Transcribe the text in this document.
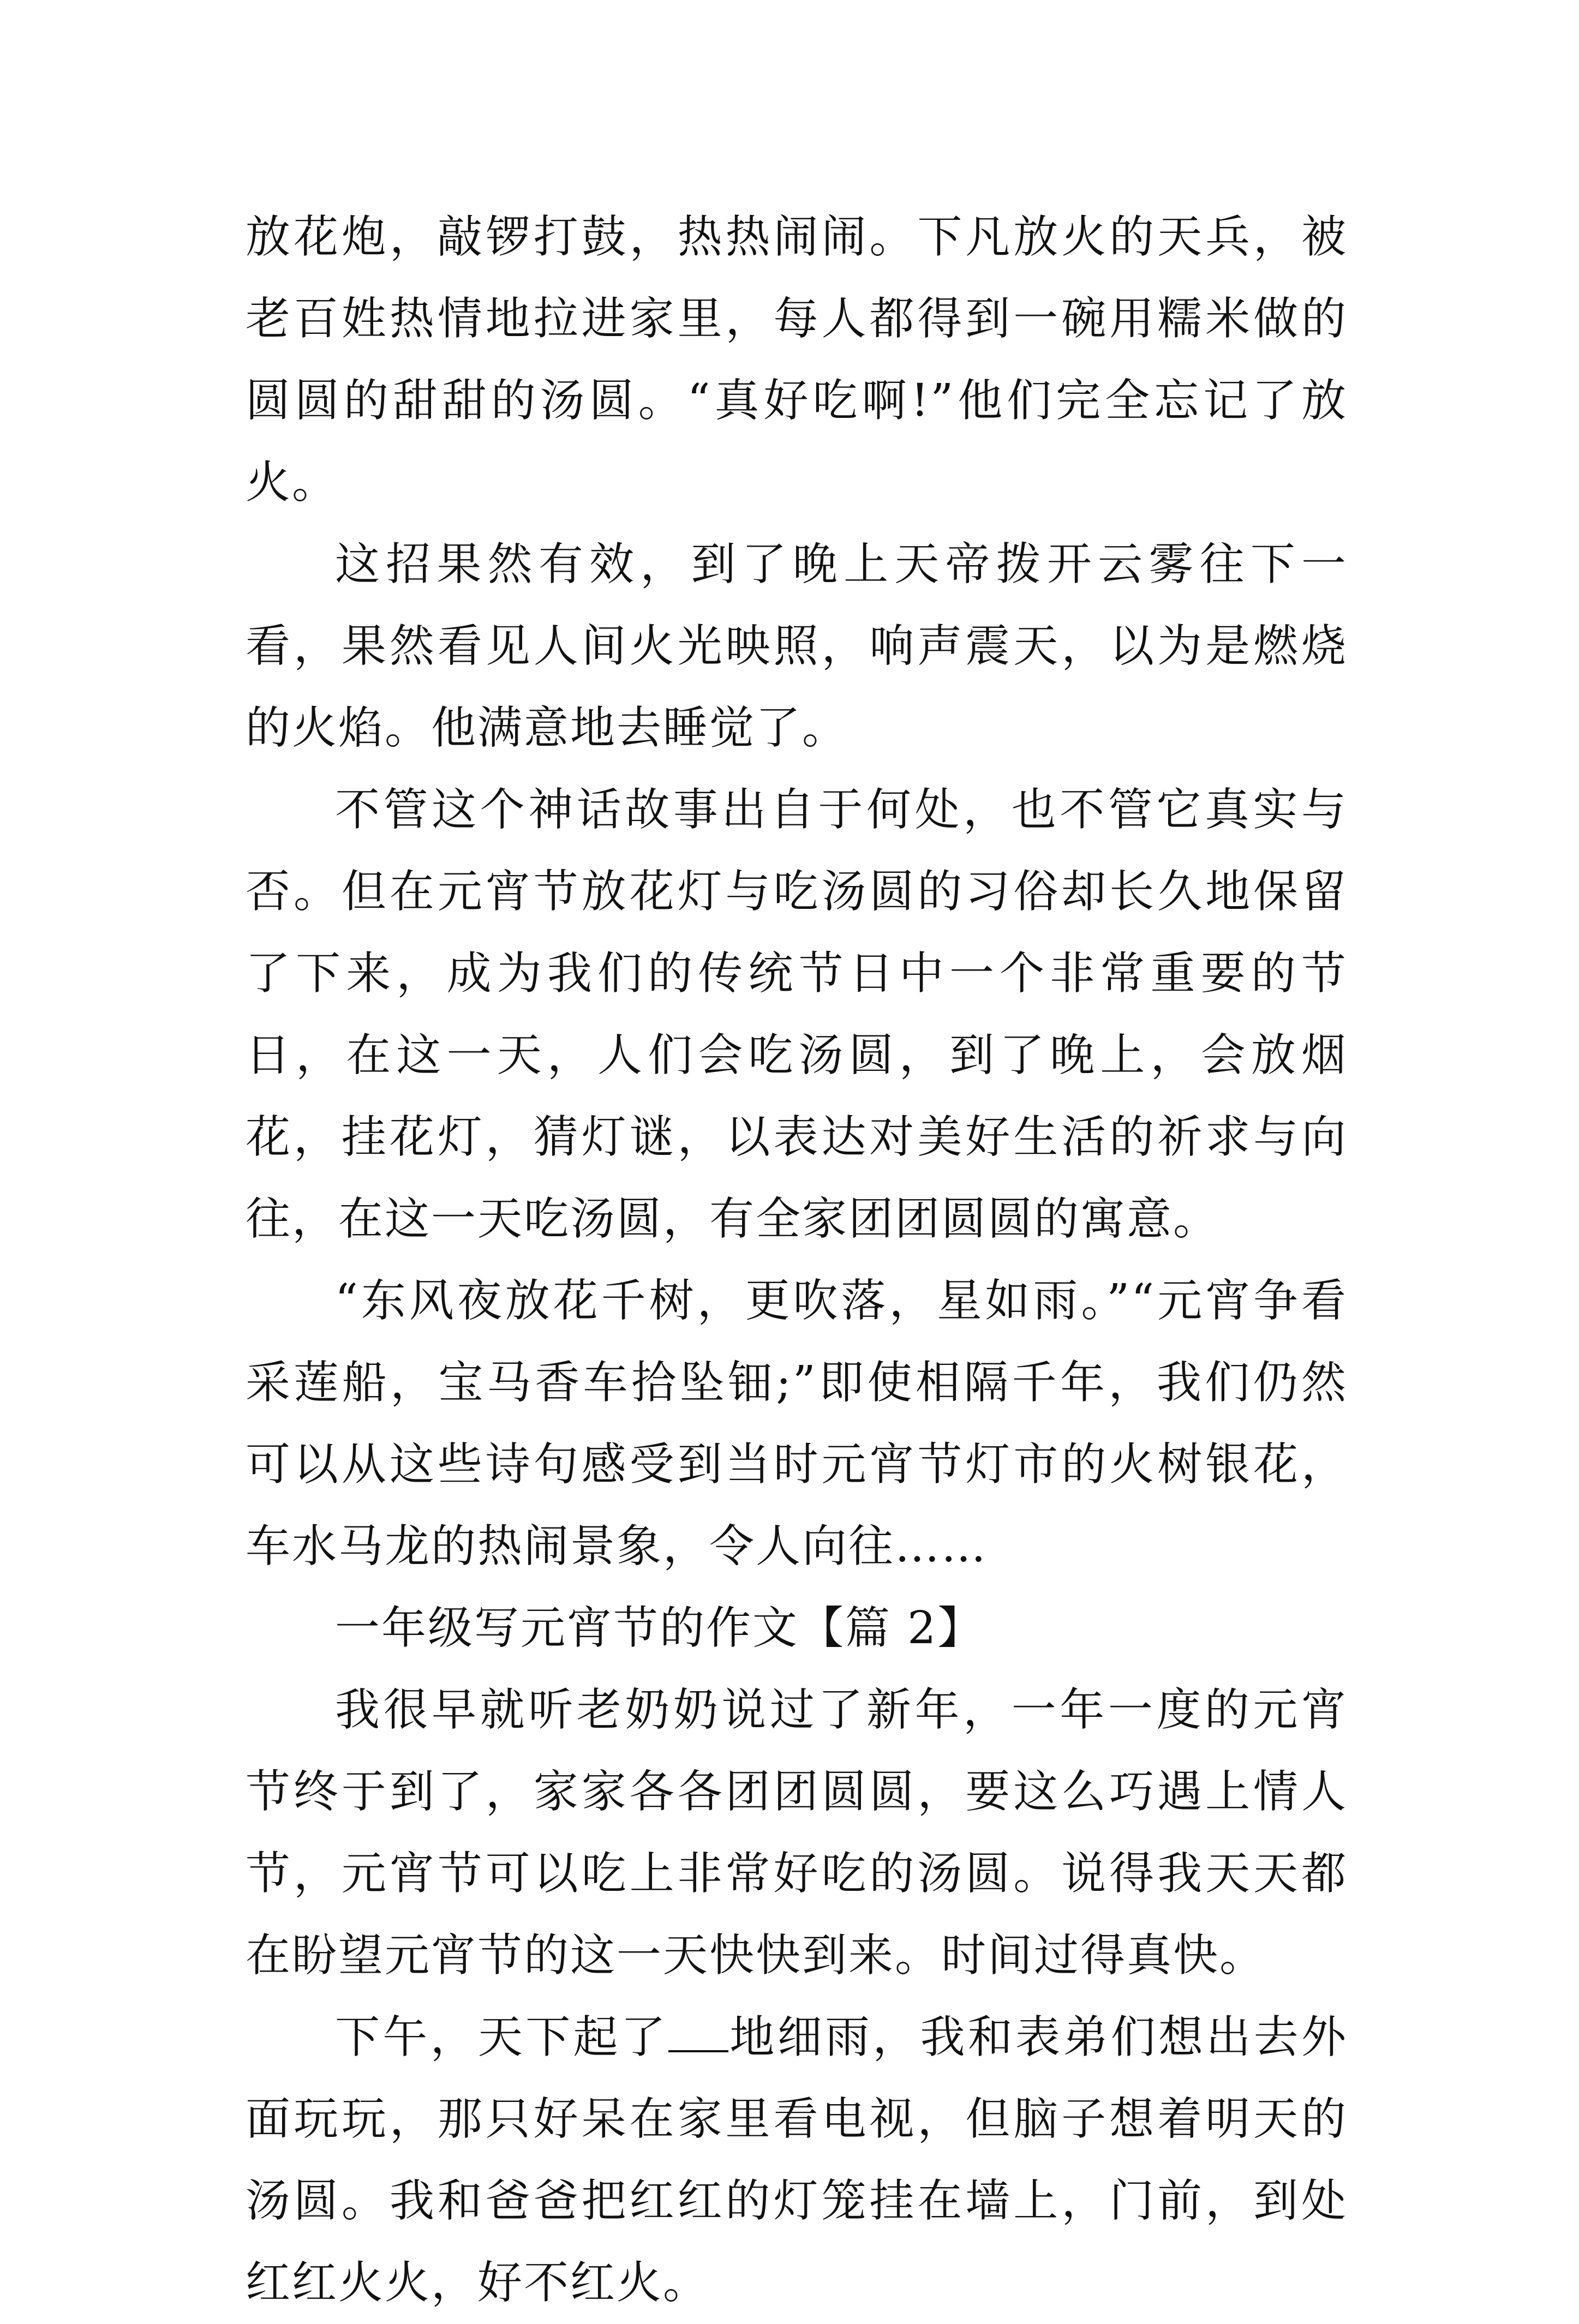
放花炮，敲锣打鼓，热热闹闹。下凡放火的天兵，被老百姓热情地拉进家里，每人都得到一碗用糯米做的圆圆的甜甜的汤圆。“真好吃啊!”他们完全忘记了放火。

这招果然有效，到了晚上天帝拨开云雾往下一看，果然看见人间火光映照，响声震天，以为是燃烧的火焰。他满意地去睡觉了。

不管这个神话故事出自于何处，也不管它真实与否。但在元宵节放花灯与吃汤圆的习俗却长久地保留了下来，成为我们的传统节日中一个非常重要的节日，在这一天，人们会吃汤圆，到了晚上，会放烟花，挂花灯，猜灯谜，以表达对美好生活的祈求与向往，在这一天吃汤圆，有全家团团圆圆的寓意。

“东风夜放花千树，更吹落，星如雨。”“元宵争看采莲船，宝马香车拾坠钿;”即使相隔千年，我们仍然可以从这些诗句感受到当时元宵节灯市的火树银花，车水马龙的热闹景象，令人向往……

一年级写元宵节的作文【篇 2】

我很早就听老奶奶说过了新年，一年一度的元宵节终于到了，家家各各团团圆圆，要这么巧遇上情人节，元宵节可以吃上非常好吃的汤圆。说得我天天都在盼望元宵节的这一天快快到来。时间过得真快。

下午，天下起了 地细雨，我和表弟们想出去外面玩玩，那只好呆在家里看电视，但脑子想着明天的汤圆。我和爸爸把红红的灯笼挂在墙上，门前，到处红红火火，好不红火。
